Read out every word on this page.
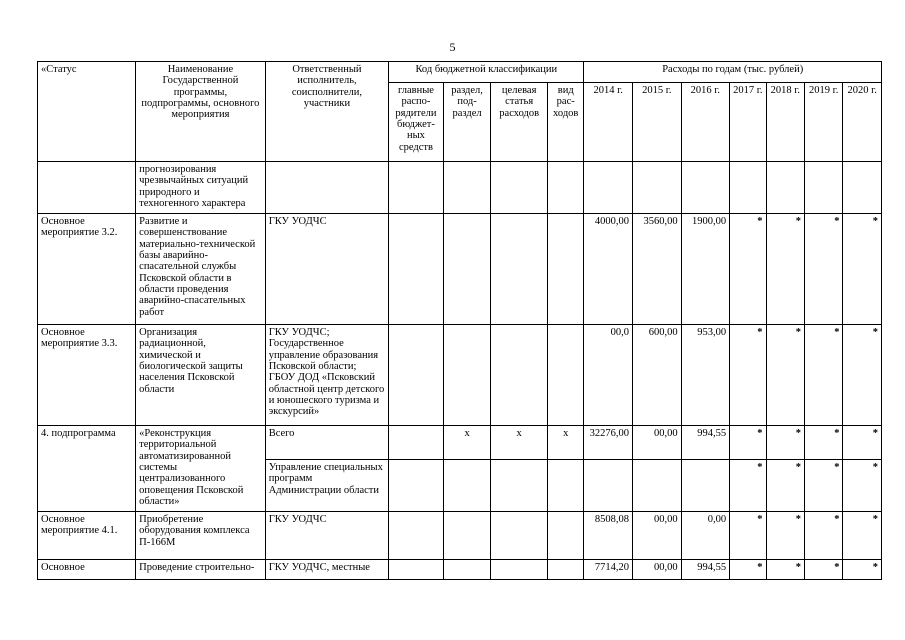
5
«Статус	Наименование Государственной программы, подпрограммы, основного мероприятия	Ответственный исполнитель, соисполнители, участники	Код бюджетной классификации				Расходы по годам (тыс. рублей)						
			главные распо-рядители бюджет-ных средств	раздел, под-раздел	целевая статья расходов	вид рас-ходов	2014 г.	2015 г.	2016 г.	2017 г.	2018 г.	2019 г.	2020 г.
	прогнозирования чрезвычайных ситуаций природного и техногенного характера												
Основное мероприятие 3.2.	Развитие и совершенствование материально-технической базы аварийно-спасательной службы Псковской области в области проведения аварийно-спасательных работ	ГКУ УОДЧС					4000,00	3560,00	1900,00	*	*	*	*
Основное мероприятие 3.3.	Организация радиационной, химической и биологической защиты населения Псковской области	ГКУ УОДЧС; Государственное управление образования Псковской области; ГБОУ ДОД «Псковский областной центр детского и юношеского туризма и экскурсий»					00,0	600,00	953,00	*	*	*	*
4. подпрограмма	«Реконструкция территориальной автоматизированной системы централизованного оповещения Псковской области»	Всего		х	х	х	32276,00	00,00	994,55	*	*	*	*
		Управление специальных программ Администрации области								*	*	*	*
Основное мероприятие 4.1.	Приобретение оборудования комплекса П-166М	ГКУ УОДЧС					8508,08	00,00	0,00	*	*	*	*
Основное	Проведение строительно-	ГКУ УОДЧС, местные					7714,20	00,00	994,55	*	*	*	*
